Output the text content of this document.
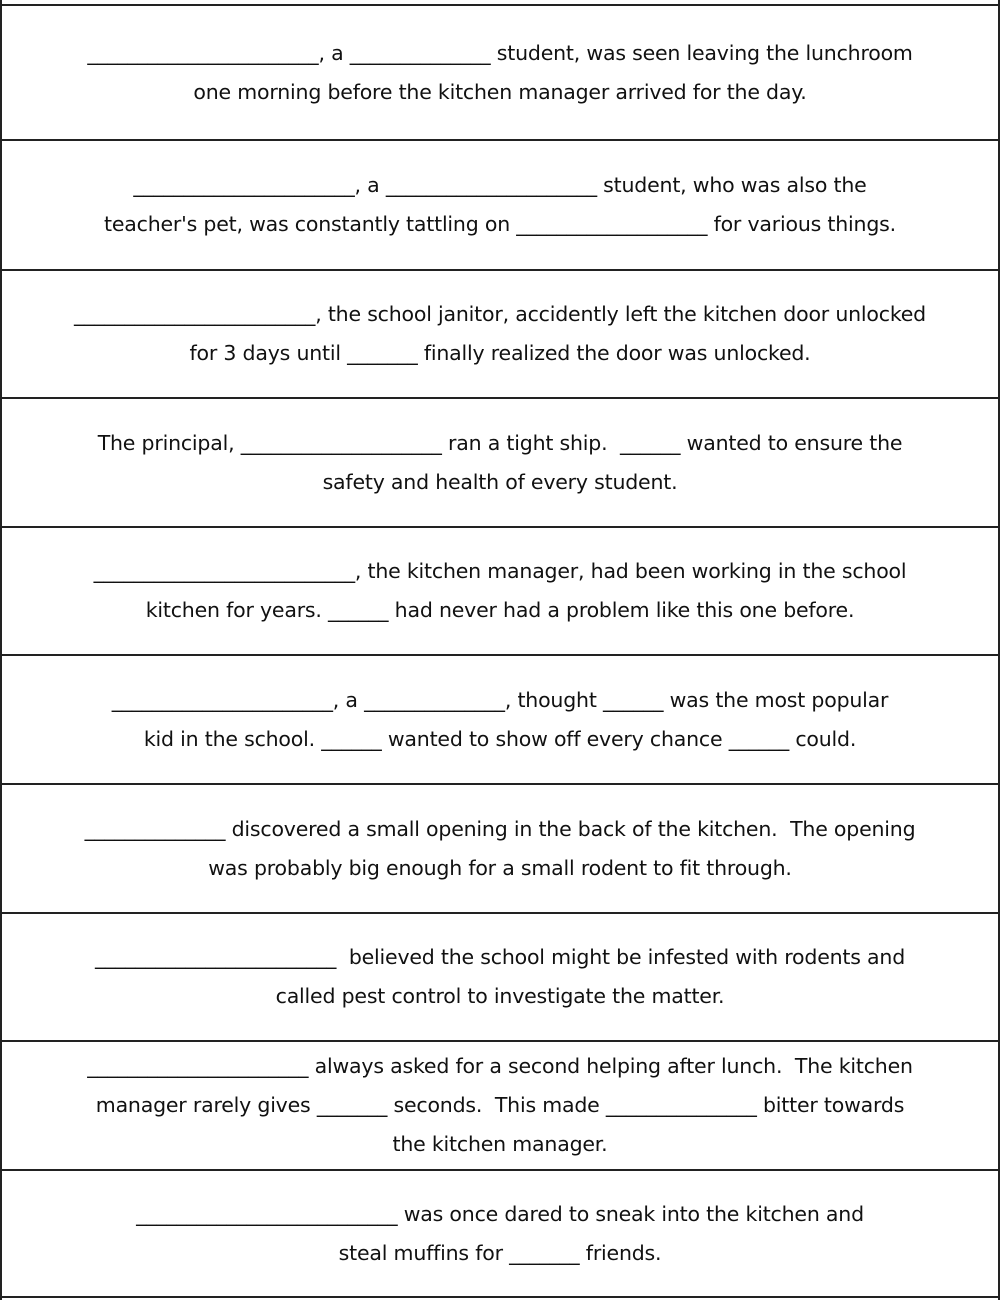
_______________________, a ______________ student, was seen leaving the lunchroom
one morning before the kitchen manager arrived for the day.
______________________, a _____________________ student, who was also the
teacher's pet, was constantly tattling on ___________________ for various things.
________________________, the school janitor, accidently left the kitchen door unlocked
for 3 days until _______ finally realized the door was unlocked.
The principal, ____________________ ran a tight ship.  ______ wanted to ensure the
safety and health of every student.
__________________________, the kitchen manager, had been working in the school
kitchen for years. ______ had never had a problem like this one before.
______________________, a ______________, thought ______ was the most popular
kid in the school. ______ wanted to show off every chance ______ could.
______________ discovered a small opening in the back of the kitchen.  The opening
was probably big enough for a small rodent to fit through.
________________________  believed the school might be infested with rodents and
called pest control to investigate the matter.
______________________ always asked for a second helping after lunch.  The kitchen
manager rarely gives _______ seconds.  This made _______________ bitter towards
the kitchen manager.
__________________________ was once dared to sneak into the kitchen and
steal muffins for _______ friends.
